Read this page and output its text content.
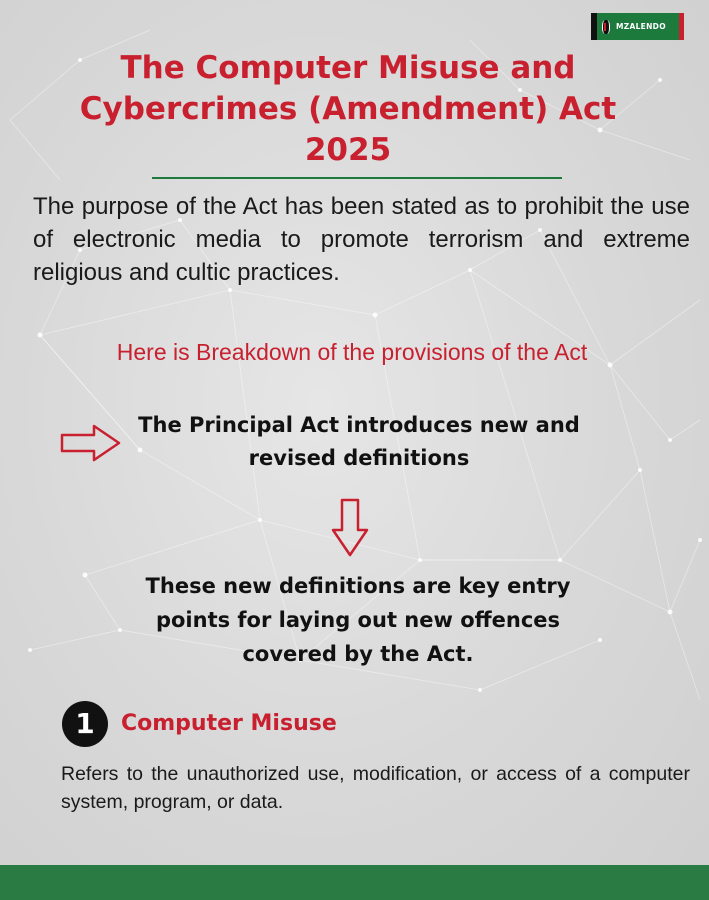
MZALENDO
The Computer Misuse and Cybercrimes (Amendment) Act 2025

The purpose of the Act has been stated as to prohibit the use of electronic media to promote terrorism and extreme religious and cultic practices.

Here is Breakdown of the provisions of the Act
The Principal Act introduces new and revised definitions
These new definitions are key entry points for laying out new offences covered by the Act.
1	Computer Misuse

Refers to the unauthorized use, modification, or access of a computer system, program, or data.
